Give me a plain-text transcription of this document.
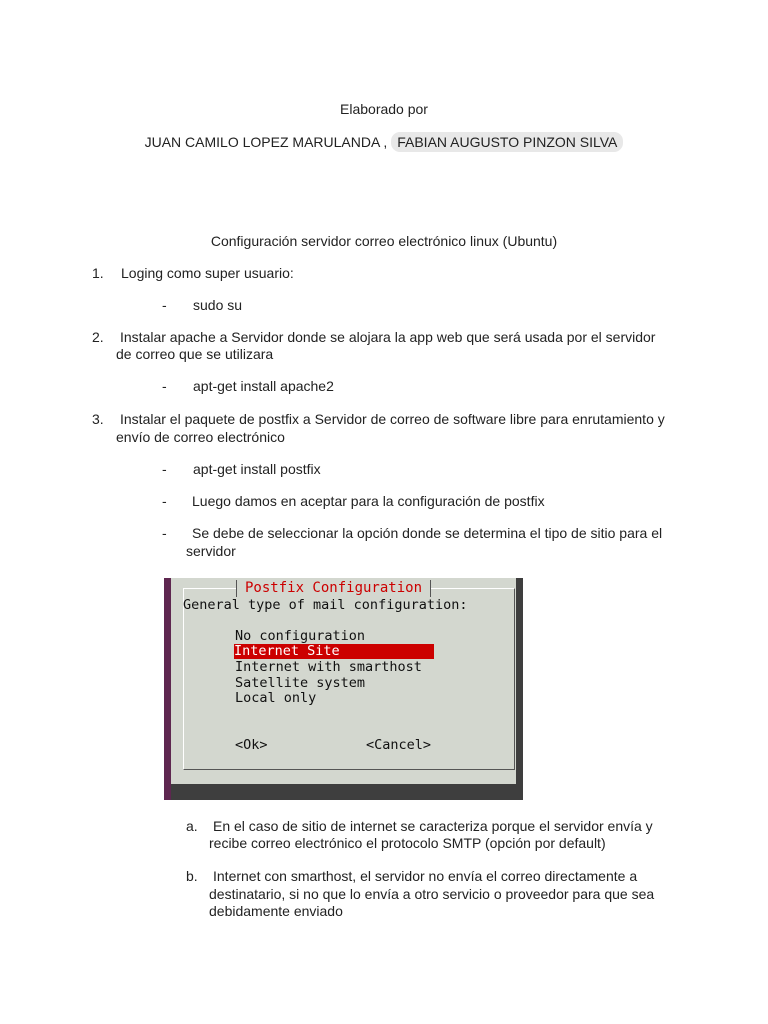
Elaborado por
JUAN CAMILO LOPEZ MARULANDA , FABIAN AUGUSTO PINZON SILVA
Configuración servidor correo electrónico linux (Ubuntu)
1. Loging como super usuario:
- sudo su
2. Instalar apache a Servidor donde se alojara la app web que será usada por el servidor
de correo que se utilizara
- apt-get install apache2
3. Instalar el paquete de postfix a Servidor de correo de software libre para enrutamiento y
envío de correo electrónico
- apt-get install postfix
- Luego damos en aceptar para la configuración de postfix
- Se debe de seleccionar la opción donde se determina el tipo de sitio para el
servidor
Postfix Configuration
General type of mail configuration:
No configuration
Internet Site
Internet with smarthost
Satellite system
Local only
<Ok>	<Cancel>
a. En el caso de sitio de internet se caracteriza porque el servidor envía y
recibe correo electrónico el protocolo SMTP (opción por default)
b. Internet con smarthost, el servidor no envía el correo directamente a
destinatario, si no que lo envía a otro servicio o proveedor para que sea
debidamente enviado
